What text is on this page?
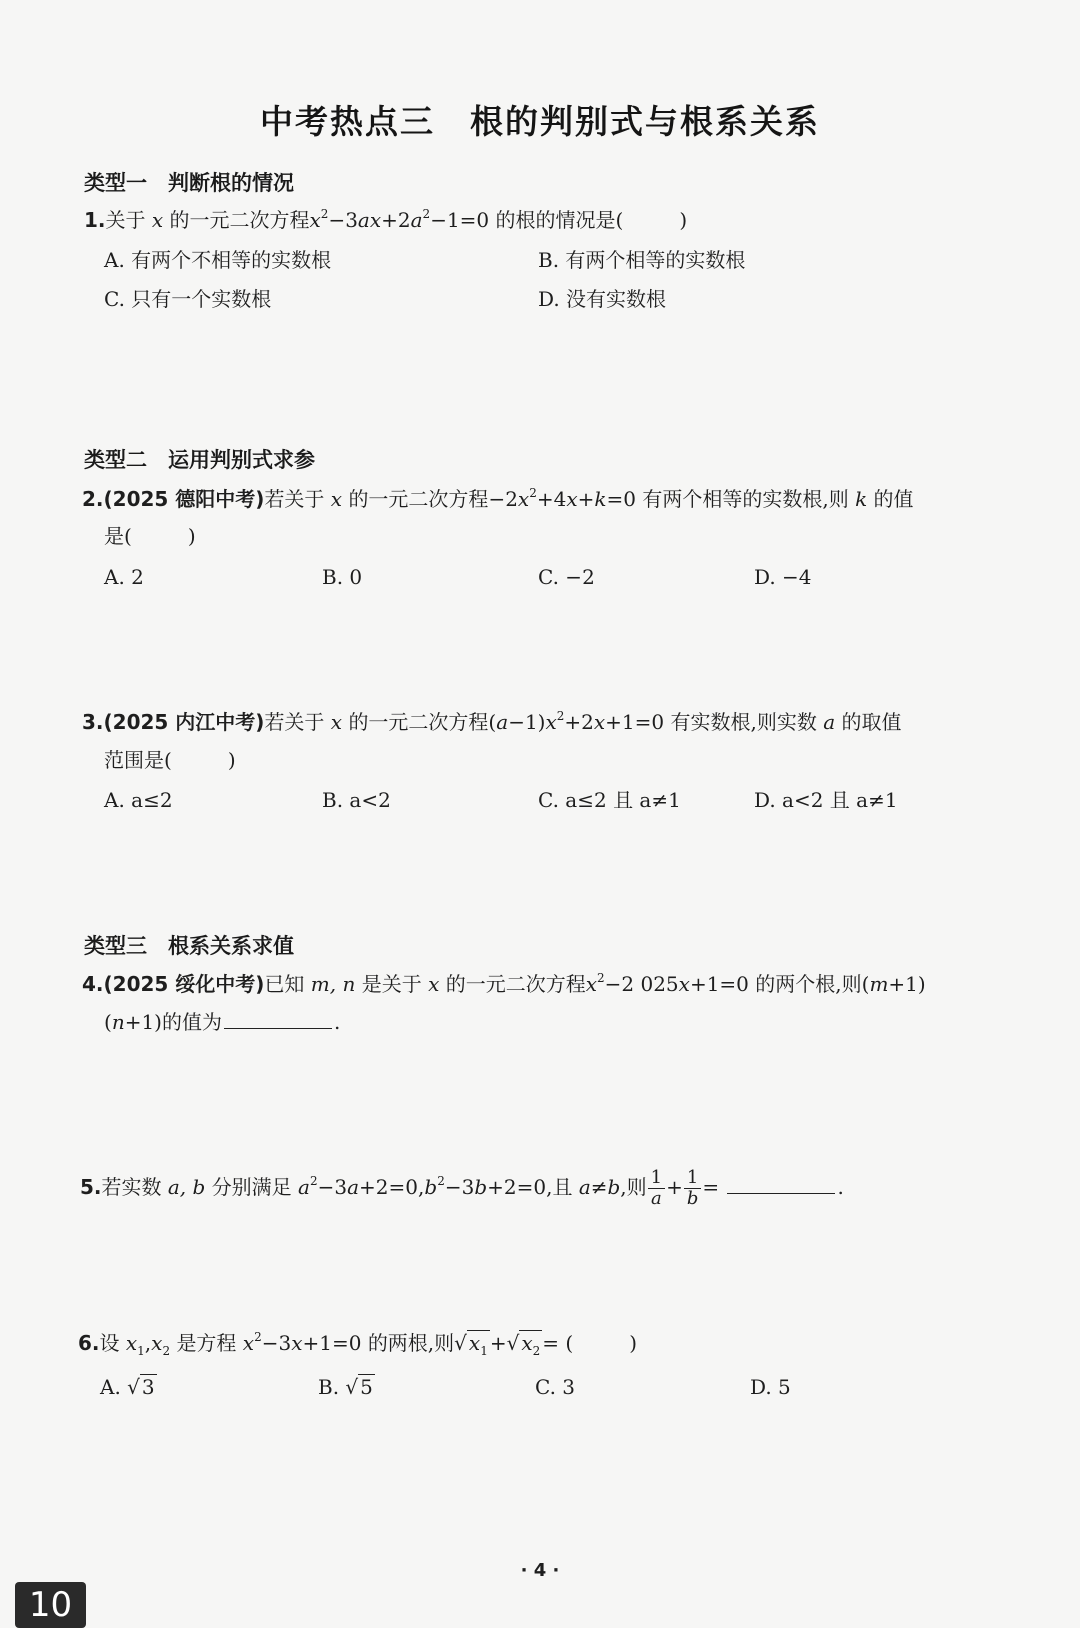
中考热点三　根的判别式与根系关系
类型一　判断根的情况
1.关于 x 的一元二次方程$x^2-3ax+2a^2-1=0$ 的根的情况是(	)
A. 有两个不相等的实数根	B. 有两个相等的实数根
C. 只有一个实数根	D. 没有实数根
类型二　运用判别式求参
2.(2025 德阳中考)若关于 x 的一元二次方程$-2x^2+4x+k=0$ 有两个相等的实数根,则 k 的值
是(	)
A. 2	B. 0	C. −2	D. −4
3.(2025 内江中考)若关于 x 的一元二次方程$(a-1)x^2+2x+1=0$ 有实数根,则实数 a 的取值
范围是(	)
A. a≤2	B. a<2	C. a≤2 且 a≠1	D. a<2 且 a≠1
类型三　根系关系求值
4.(2025 绥化中考)已知 m, n 是关于 x 的一元二次方程$x^2-2$ 025x+1=0 的两个根,则(m+1)
(n+1)的值为	.
5.若实数 a, b 分别满足 $a^2-3a+2=0,b^2-3b+2=0$,且 a≠b,则 $\frac{1}{a} + \frac{1}{b}$ =	.
6.设 $x_1,x_2$ 是方程 $x^2-3x+1=0$ 的两根,则√ $x_1$ +√ $x_2$ = (	)
A. √ 3	B. √ 5	C. 3	D. 5
· 4 ·
10
